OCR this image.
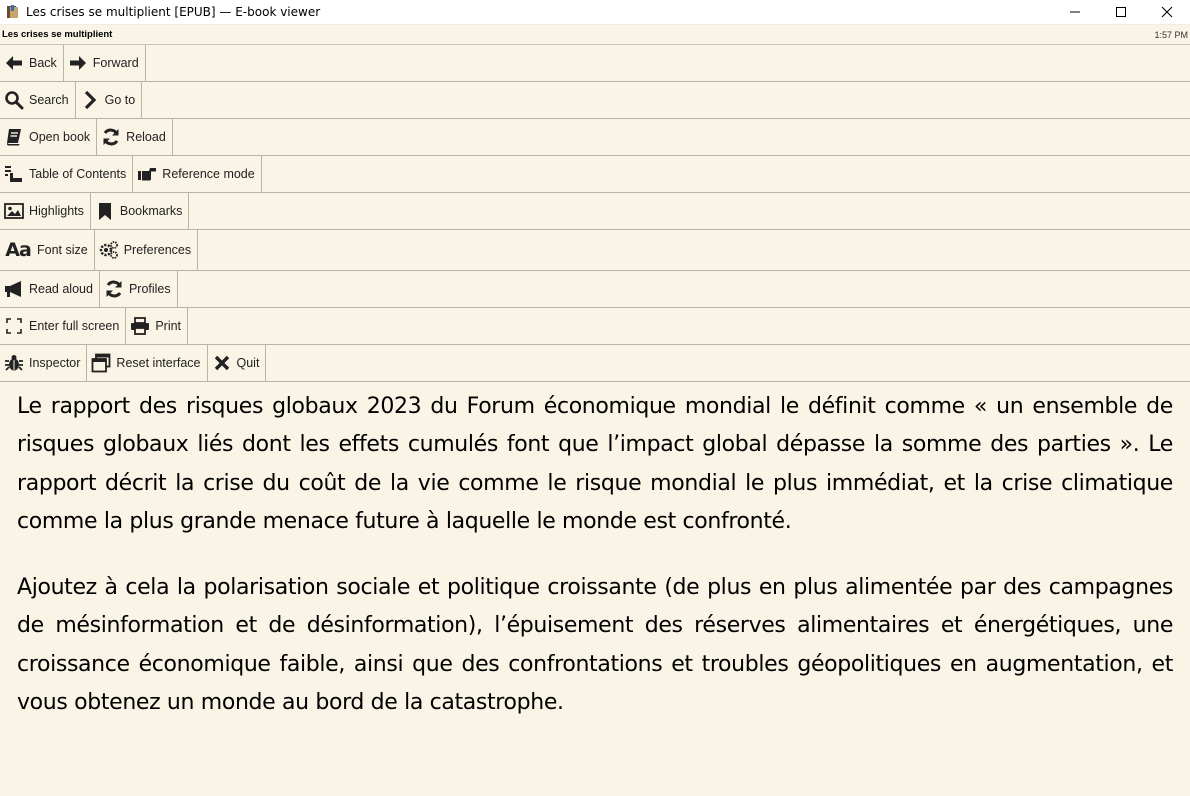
Les crises se multiplient [EPUB] — E-book viewer
Les crises se multiplient	1:57 PM
Back	Forward
Search	Go to
Open book	Reload
Table of Contents	Reference mode
Highlights	Bookmarks
Aa Font size	Preferences
Read aloud	Profiles
Enter full screen	Print
Inspector	Reset interface	Quit

Le rapport des risques globaux 2023 du Forum économique mondial le définit comme « un ensemble de risques globaux liés dont les effets cumulés font que l’impact global dépasse la somme des parties ». Le rapport décrit la crise du coût de la vie comme le risque mondial le plus immédiat, et la crise climatique comme la plus grande menace future à laquelle le monde est confronté.

Ajoutez à cela la polarisation sociale et politique croissante (de plus en plus alimentée par des campagnes de mésinformation et de désinformation), l’épuisement des réserves alimentaires et énergétiques, une croissance économique faible, ainsi que des confrontations et troubles géopolitiques en augmentation, et vous obtenez un monde au bord de la catastrophe.
